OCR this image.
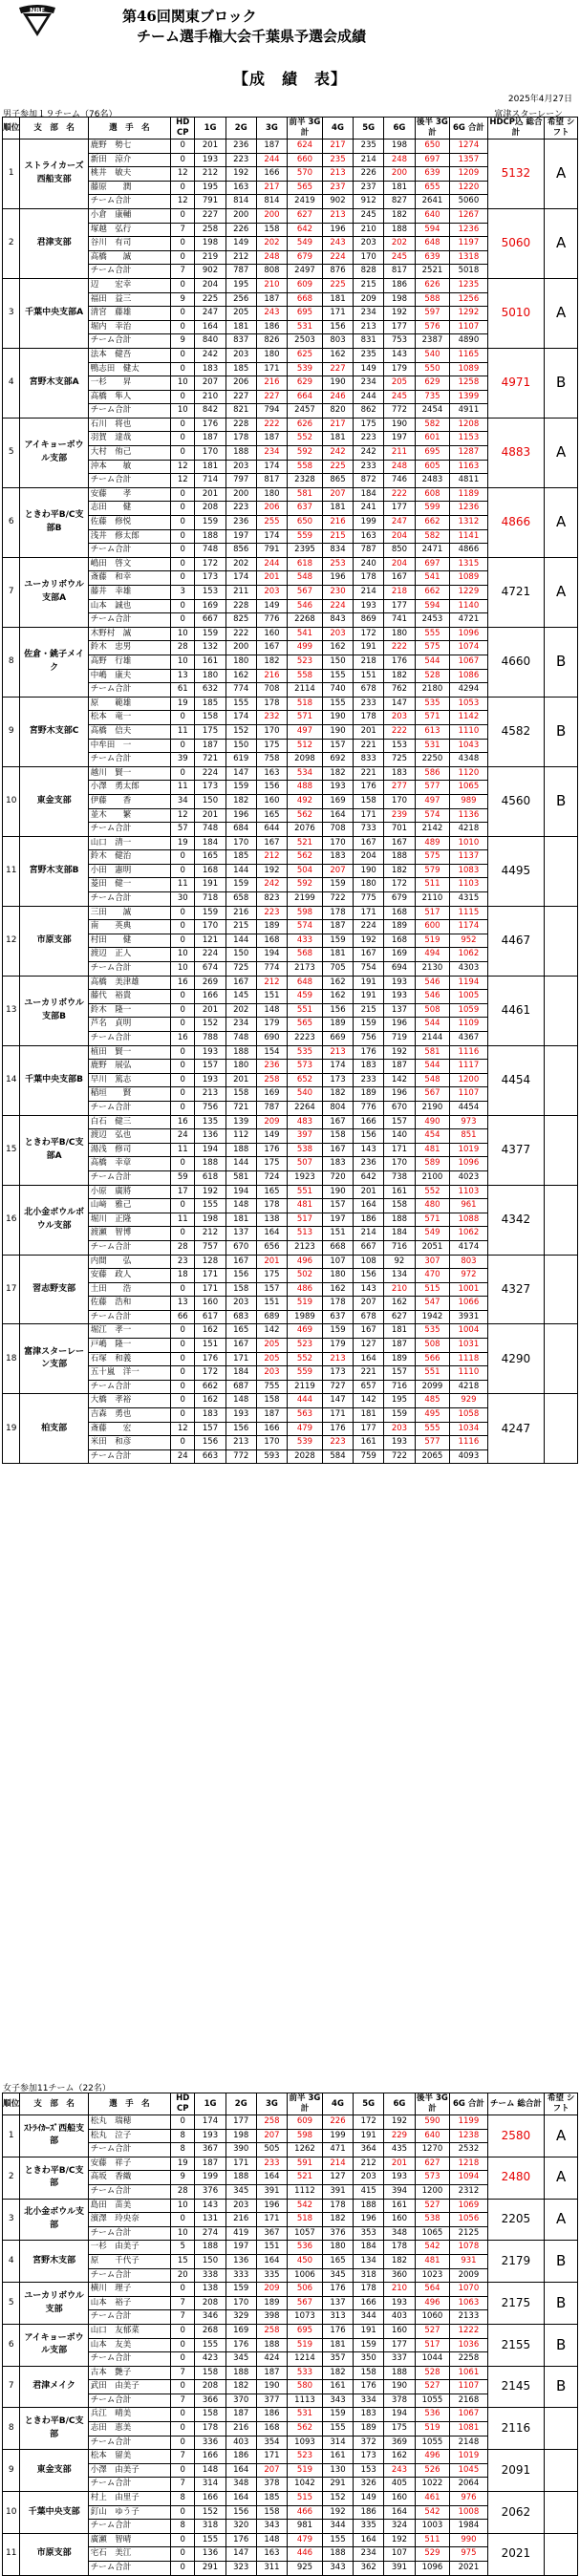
NBF	第46回関東ブロック
チーム選手権大会千葉県予選会成績
【成　績　表】
2025年4月27日
男子参加１９チーム（76名）	富津スターレーン
女子参加11チーム（22名）
順位	支　部　名	選　手　名	HD CP	1G	2G	3G	前半 3G計	4G	5G	6G	後半 3G計	6G 合計	HDCP込 総合計	希望 シフト
1	ストライカーズ西船支部	鹿野　勢七	0	201	236	187	624	217	235	198	650	1274	5132	A
		新田　涼介	0	193	223	244	660	235	214	248	697	1357		
		桃井　敏夫	12	212	192	166	570	213	226	200	639	1209		
		藤原　　潤	0	195	163	217	565	237	237	181	655	1220		
		チーム合計	12	791	814	814	2419	902	912	827	2641	5060		
2	君津支部	小倉　康輔	0	227	200	200	627	213	245	182	640	1267	5060	A
		塚越　弘行	7	258	226	158	642	196	210	188	594	1236		
		谷川　有司	0	198	149	202	549	243	203	202	648	1197		
		高橋　　誠	0	219	212	248	679	224	170	245	639	1318		
		チーム合計	7	902	787	808	2497	876	828	817	2521	5018		
3	千葉中央支部A	辺　　宏幸	0	204	195	210	609	225	215	186	626	1235	5010	A
		福田　益三	9	225	256	187	668	181	209	198	588	1256		
		清宮　藤雄	0	247	205	243	695	171	234	192	597	1292		
		堀内　幸治	0	164	181	186	531	156	213	177	576	1107		
		チーム合計	9	840	837	826	2503	803	831	753	2387	4890		
4	宮野木支部A	法本　健吾	0	242	203	180	625	162	235	143	540	1165	4971	B
		鴨志田　健太	0	183	185	171	539	227	149	179	550	1089		
		一杉　　昇	10	207	206	216	629	190	234	205	629	1258		
		高橋　隼人	0	210	227	227	664	246	244	245	735	1399		
		チーム合計	10	842	821	794	2457	820	862	772	2454	4911		
5	アイキョーボウル支部	石川　将也	0	176	228	222	626	217	175	190	582	1208	4883	A
		羽賀　達哉	0	187	178	187	552	181	223	197	601	1153		
		大村　侑己	0	170	188	234	592	242	242	211	695	1287		
		沖本　　敏	12	181	203	174	558	225	233	248	605	1163		
		チーム合計	12	714	797	817	2328	865	872	746	2483	4811		
6	ときわ平B/C支部B	安藤　　孝	0	201	200	180	581	207	184	222	608	1189	4866	A
		志田　　健	0	208	223	206	637	181	241	177	599	1236		
		佐藤　修悦	0	159	236	255	650	216	199	247	662	1312		
		浅井　修太郎	0	188	197	174	559	215	163	204	582	1141		
		チーム合計	0	748	856	791	2395	834	787	850	2471	4866		
7	ユーカリボウル支部A	嶋田　啓文	0	172	202	244	618	253	240	204	697	1315	4721	A
		斎藤　和幸	0	173	174	201	548	196	178	167	541	1089		
		藤井　幸雄	3	153	211	203	567	230	214	218	662	1229		
		山本　誠也	0	169	228	149	546	224	193	177	594	1140		
		チーム合計	0	667	825	776	2268	843	869	741	2453	4721		
8	佐倉・銚子メイク	木野村　誠	10	159	222	160	541	203	172	180	555	1096	4660	B
		鈴木　忠男	28	132	200	167	499	162	191	222	575	1074		
		高野　行雄	10	161	180	182	523	150	218	176	544	1067		
		中嶋　康夫	13	180	162	216	558	155	151	182	528	1086		
		チーム合計	61	632	774	708	2114	740	678	762	2180	4294		
9	宮野木支部C	原　　範雄	19	185	155	178	518	155	233	147	535	1053	4582	B
		松本　竜一	0	158	174	232	571	190	178	203	571	1142		
		高橋　信夫	11	175	152	170	497	190	201	222	613	1110		
		中牟田　一	0	187	150	175	512	157	221	153	531	1043		
		チーム合計	39	721	619	758	2098	692	833	725	2250	4348		
10	東金支部	越川　賢一	0	224	147	163	534	182	221	183	586	1120	4560	B
		小澤　勇太郎	11	173	159	156	488	193	176	277	577	1065		
		伊藤　　香	34	150	182	160	492	169	158	170	497	989		
		並木　　繁	12	201	196	165	562	164	171	239	574	1136		
		チーム合計	57	748	684	644	2076	708	733	701	2142	4218		
11	宮野木支部B	山口　清一	19	184	170	167	521	170	167	167	489	1010	4495	
		鈴木　健治	0	165	185	212	562	183	204	188	575	1137		
		小田　憲明	0	168	144	192	504	207	190	182	579	1083		
		菱田　健一	11	191	159	242	592	159	180	172	511	1103		
		チーム合計	30	718	658	823	2199	722	775	679	2110	4315		
12	市原支部	三田　　誠	0	159	216	223	598	178	171	168	517	1115	4467	
		南　　英典	0	170	215	189	574	187	224	189	600	1174		
		村田　　健	0	121	144	168	433	159	192	168	519	952		
		渡辺　正人	10	224	150	194	568	181	167	169	494	1062		
		チーム合計	10	674	725	774	2173	705	754	694	2130	4303		
13	ユーカリボウル支部B	高橋　美津雄	16	269	167	212	648	162	191	193	546	1194	4461	
		藤代　裕貴	0	166	145	151	459	162	191	193	546	1005		
		鈴木　隆一	0	201	202	148	551	156	215	137	508	1059		
		芦名　貞明	0	152	234	179	565	189	159	196	544	1109		
		チーム合計	16	788	748	690	2223	669	756	719	2144	4367		
14	千葉中央支部B	植田　賢一	0	193	188	154	535	213	176	192	581	1116	4454	
		鹿野　展弘	0	157	180	236	573	174	183	187	544	1117		
		早川　篤志	0	193	201	258	652	173	233	142	548	1200		
		稲垣　　賢	0	213	158	169	540	182	189	196	567	1107		
		チーム合計	0	756	721	787	2264	804	776	670	2190	4454		
15	ときわ平B/C支部A	白石　健三	16	135	139	209	483	167	166	157	490	973	4377	
		渡辺　弘也	24	136	112	149	397	158	156	140	454	851		
		湯浅　修司	11	194	188	176	538	167	143	171	481	1019		
		高橋　幸章	0	188	144	175	507	183	236	170	589	1096		
		チーム合計	59	618	581	724	1923	720	642	738	2100	4023		
16	北小金ボウルボウル支部	小原　廣將	17	192	194	165	551	190	201	161	552	1103	4342	
		山﨑　雅己	0	155	148	178	481	157	164	158	480	961		
		堀川　正隆	11	198	181	138	517	197	186	188	571	1088		
		渡瀬　智博	0	212	137	164	513	151	214	184	549	1062		
		チーム合計	28	757	670	656	2123	668	667	716	2051	4174		
17	習志野支部	内間　　弘	23	128	167	201	496	107	108	92	307	803	4327	
		安藤　政人	18	171	156	175	502	180	156	134	470	972		
		土田　　浩	0	171	158	157	486	162	143	210	515	1001		
		佐藤　浩和	13	160	203	151	519	178	207	162	547	1066		
		チーム合計	66	617	683	689	1989	637	678	627	1942	3931		
18	富津スターレーン支部	堀江　孝一	0	162	165	142	469	159	167	181	535	1004	4290	
		戸嶋　隆一	0	151	167	205	523	179	127	187	508	1031		
		石塚　和義	0	176	171	205	552	213	164	189	566	1118		
		五十嵐　洋一	0	172	184	203	559	173	221	157	551	1110		
		チーム合計	0	662	687	755	2119	727	657	716	2099	4218		
19	柏支部	大橋　孝裕	0	162	148	158	444	147	142	195	485	929	4247	
		吉森　勇也	0	183	193	187	563	171	181	159	495	1058		
		斎藤　　宏	12	157	156	166	479	176	177	203	555	1034		
		米田　和彦	0	156	213	170	539	223	161	193	577	1116		
		チーム合計	24	663	772	593	2028	584	759	722	2065	4093		
順位	支　部　名	選　手　名	HD CP	1G	2G	3G	前半 3G計	4G	5G	6G	後半 3G計	6G 合計	チーム 総合計	希望 シフト
1	ｽﾄﾗｲｶｰｽﾞ西船支部	松丸　瑞穂	0	174	177	258	609	226	172	192	590	1199	2580	A
		松丸　泣子	8	193	198	207	598	199	191	229	640	1238		
		チーム合計	8	367	390	505	1262	471	364	435	1270	2532		
2	ときわ平B/C支部	安藤　祥子	19	187	171	233	591	214	212	201	627	1218	2480	A
		高坂　香織	9	199	188	164	521	127	203	193	573	1094		
		チーム合計	28	376	345	391	1112	391	415	394	1200	2312		
3	北小金ボウル支部	島田　苗美	10	143	203	196	542	178	188	161	527	1069	2205	A
		濱澤　玲央奈	0	131	216	171	518	182	196	160	538	1056		
		チーム合計	10	274	419	367	1057	376	353	348	1065	2125		
4	宮野木支部	一杉　由美子	5	188	197	151	536	180	184	178	542	1078	2179	B
		原　　千代子	15	150	136	164	450	165	134	182	481	931		
		チーム合計	20	338	333	335	1006	345	318	360	1023	2009		
5	ユーカリボウル支部	横川　理子	0	138	159	209	506	176	178	210	564	1070	2175	B
		山本　裕子	7	208	170	189	567	137	166	193	496	1063		
		チーム合計	7	346	329	398	1073	313	344	403	1060	2133		
6	アイキョーボウル支部	山口　友郁菜	0	268	169	258	695	176	191	160	527	1222	2155	B
		山本　友美	0	155	176	188	519	181	159	177	517	1036		
		チーム合計	0	423	345	424	1214	357	350	337	1044	2258		
7	君津メイク	古本　艶子	7	158	188	187	533	182	158	188	528	1061	2145	B
		武田　由美子	0	208	182	190	580	161	176	190	527	1107		
		チーム合計	7	366	370	377	1113	343	334	378	1055	2168		
8	ときわ平B/C支部	兵江　晴美	0	158	187	186	531	159	183	194	536	1067	2116	
		志田　恵美	0	178	216	168	562	155	189	175	519	1081		
		チーム合計	0	336	403	354	1093	314	372	369	1055	2148		
9	東金支部	松本　留美	7	166	186	171	523	161	173	162	496	1019	2091	
		小澤　由美子	0	148	164	207	519	130	153	243	526	1045		
		チーム合計	7	314	348	378	1042	291	326	405	1022	2064		
10	千葉中央支部	村上　由里子	8	166	164	185	515	152	149	160	461	976	2062	
		釘山　ゆう子	0	152	156	158	466	192	186	164	542	1008		
		チーム合計	8	318	320	343	981	344	335	324	1003	1984		
11	市原支部	廣瀬　智晴	0	155	176	148	479	155	164	192	511	990	2021	
		宅石　美江	0	136	147	163	446	188	234	107	529	975		
		チーム合計	0	291	323	311	925	343	362	391	1096	2021		
